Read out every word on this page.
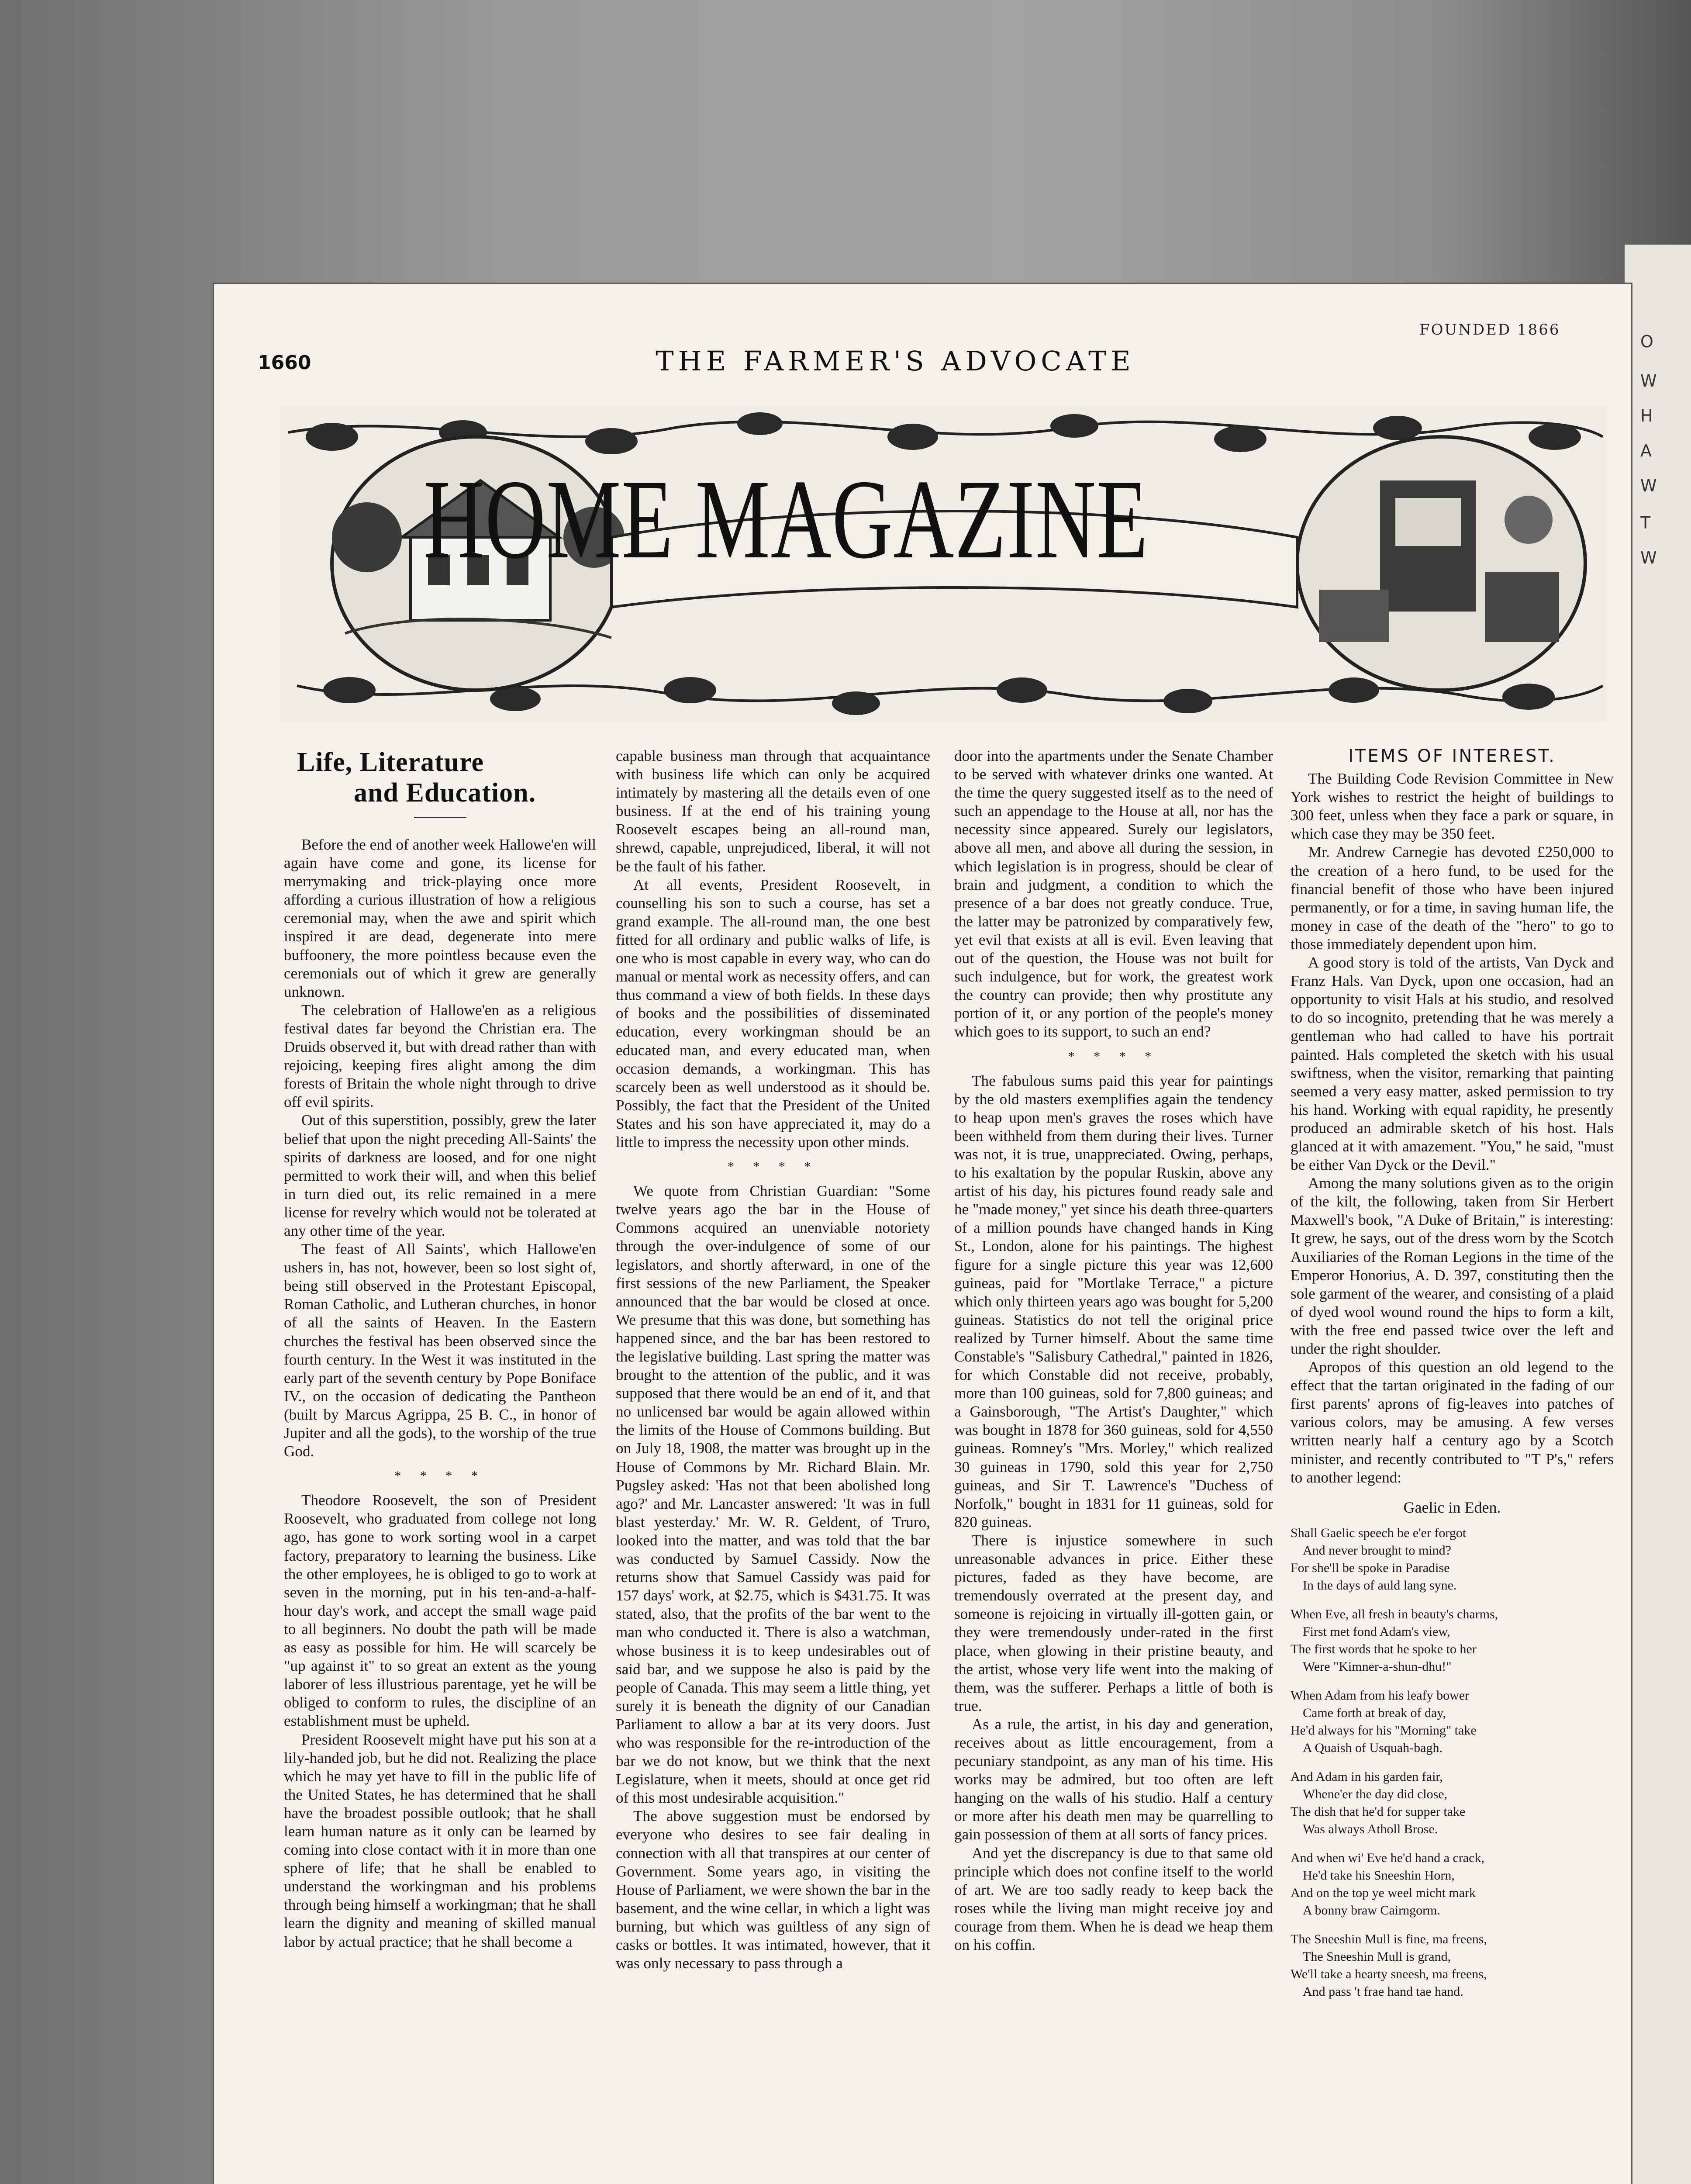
O
W
H
A
W
T
W
1660	THE FARMER'S ADVOCATE
FOUNDED 1866
HOME MAGAZINE
Life, Literature
and Education.

Before the end of another week Hallowe'en will again have come and gone, its license for merrymaking and trick-playing once more affording a curious illustration of how a religious ceremonial may, when the awe and spirit which inspired it are dead, degenerate into mere buffoonery, the more pointless because even the ceremonials out of which it grew are generally unknown.

The celebration of Hallowe'en as a religious festival dates far beyond the Christian era. The Druids observed it, but with dread rather than with rejoicing, keeping fires alight among the dim forests of Britain the whole night through to drive off evil spirits.

Out of this superstition, possibly, grew the later belief that upon the night preceding All-Saints' the spirits of darkness are loosed, and for one night permitted to work their will, and when this belief in turn died out, its relic remained in a mere license for revelry which would not be tolerated at any other time of the year.

The feast of All Saints', which Hallowe'en ushers in, has not, however, been so lost sight of, being still observed in the Protestant Episcopal, Roman Catholic, and Lutheran churches, in honor of all the saints of Heaven. In the Eastern churches the festival has been observed since the fourth century. In the West it was instituted in the early part of the seventh century by Pope Boniface IV., on the occasion of dedicating the Pantheon (built by Marcus Agrippa, 25 B. C., in honor of Jupiter and all the gods), to the worship of the true God.

* * * *

Theodore Roosevelt, the son of President Roosevelt, who graduated from college not long ago, has gone to work sorting wool in a carpet factory, preparatory to learning the business. Like the other employees, he is obliged to go to work at seven in the morning, put in his ten-and-a-half-hour day's work, and accept the small wage paid to all beginners. No doubt the path will be made as easy as possible for him. He will scarcely be "up against it" to so great an extent as the young laborer of less illustrious parentage, yet he will be obliged to conform to rules, the discipline of an establishment must be upheld.

President Roosevelt might have put his son at a lily-handed job, but he did not. Realizing the place which he may yet have to fill in the public life of the United States, he has determined that he shall have the broadest possible outlook; that he shall learn human nature as it only can be learned by coming into close contact with it in more than one sphere of life; that he shall be enabled to understand the workingman and his problems through being himself a workingman; that he shall learn the dignity and meaning of skilled manual labor by actual practice; that he shall become a

capable business man through that acquaintance with business life which can only be acquired intimately by mastering all the details even of one business. If at the end of his training young Roosevelt escapes being an all-round man, shrewd, capable, unprejudiced, liberal, it will not be the fault of his father.

At all events, President Roosevelt, in counselling his son to such a course, has set a grand example. The all-round man, the one best fitted for all ordinary and public walks of life, is one who is most capable in every way, who can do manual or mental work as necessity offers, and can thus command a view of both fields. In these days of books and the possibilities of disseminated education, every workingman should be an educated man, and every educated man, when occasion demands, a workingman. This has scarcely been as well understood as it should be. Possibly, the fact that the President of the United States and his son have appreciated it, may do a little to impress the necessity upon other minds.

* * * *

We quote from Christian Guardian: "Some twelve years ago the bar in the House of Commons acquired an unenviable notoriety through the over-indulgence of some of our legislators, and shortly afterward, in one of the first sessions of the new Parliament, the Speaker announced that the bar would be closed at once. We presume that this was done, but something has happened since, and the bar has been restored to the legislative building. Last spring the matter was brought to the attention of the public, and it was supposed that there would be an end of it, and that no unlicensed bar would be again allowed within the limits of the House of Commons building. But on July 18, 1908, the matter was brought up in the House of Commons by Mr. Richard Blain. Mr. Pugsley asked: 'Has not that been abolished long ago?' and Mr. Lancaster answered: 'It was in full blast yesterday.' Mr. W. R. Geldent, of Truro, looked into the matter, and was told that the bar was conducted by Samuel Cassidy. Now the returns show that Samuel Cassidy was paid for 157 days' work, at $2.75, which is $431.75. It was stated, also, that the profits of the bar went to the man who conducted it. There is also a watchman, whose business it is to keep undesirables out of said bar, and we suppose he also is paid by the people of Canada. This may seem a little thing, yet surely it is beneath the dignity of our Canadian Parliament to allow a bar at its very doors. Just who was responsible for the re-introduction of the bar we do not know, but we think that the next Legislature, when it meets, should at once get rid of this most undesirable acquisition."

The above suggestion must be endorsed by everyone who desires to see fair dealing in connection with all that transpires at our center of Government. Some years ago, in visiting the House of Parliament, we were shown the bar in the basement, and the wine cellar, in which a light was burning, but which was guiltless of any sign of casks or bottles. It was intimated, however, that it was only necessary to pass through a

door into the apartments under the Senate Chamber to be served with whatever drinks one wanted. At the time the query suggested itself as to the need of such an appendage to the House at all, nor has the necessity since appeared. Surely our legislators, above all men, and above all during the session, in which legislation is in progress, should be clear of brain and judgment, a condition to which the presence of a bar does not greatly conduce. True, the latter may be patronized by comparatively few, yet evil that exists at all is evil. Even leaving that out of the question, the House was not built for such indulgence, but for work, the greatest work the country can provide; then why prostitute any portion of it, or any portion of the people's money which goes to its support, to such an end?

* * * *

The fabulous sums paid this year for paintings by the old masters exemplifies again the tendency to heap upon men's graves the roses which have been withheld from them during their lives. Turner was not, it is true, unappreciated. Owing, perhaps, to his exaltation by the popular Ruskin, above any artist of his day, his pictures found ready sale and he "made money," yet since his death three-quarters of a million pounds have changed hands in King St., London, alone for his paintings. The highest figure for a single picture this year was 12,600 guineas, paid for "Mortlake Terrace," a picture which only thirteen years ago was bought for 5,200 guineas. Statistics do not tell the original price realized by Turner himself. About the same time Constable's "Salisbury Cathedral," painted in 1826, for which Constable did not receive, probably, more than 100 guineas, sold for 7,800 guineas; and a Gainsborough, "The Artist's Daughter," which was bought in 1878 for 360 guineas, sold for 4,550 guineas. Romney's "Mrs. Morley," which realized 30 guineas in 1790, sold this year for 2,750 guineas, and Sir T. Lawrence's "Duchess of Norfolk," bought in 1831 for 11 guineas, sold for 820 guineas.

There is injustice somewhere in such unreasonable advances in price. Either these pictures, faded as they have become, are tremendously overrated at the present day, and someone is rejoicing in virtually ill-gotten gain, or they were tremendously under-rated in the first place, when glowing in their pristine beauty, and the artist, whose very life went into the making of them, was the sufferer. Perhaps a little of both is true.

As a rule, the artist, in his day and generation, receives about as little encouragement, from a pecuniary standpoint, as any man of his time. His works may be admired, but too often are left hanging on the walls of his studio. Half a century or more after his death men may be quarrelling to gain possession of them at all sorts of fancy prices.

And yet the discrepancy is due to that same old principle which does not confine itself to the world of art. We are too sadly ready to keep back the roses while the living man might receive joy and courage from them. When he is dead we heap them on his coffin.

ITEMS OF INTEREST.

The Building Code Revision Committee in New York wishes to restrict the height of buildings to 300 feet, unless when they face a park or square, in which case they may be 350 feet.

Mr. Andrew Carnegie has devoted £250,000 to the creation of a hero fund, to be used for the financial benefit of those who have been injured permanently, or for a time, in saving human life, the money in case of the death of the "hero" to go to those immediately dependent upon him.

A good story is told of the artists, Van Dyck and Franz Hals. Van Dyck, upon one occasion, had an opportunity to visit Hals at his studio, and resolved to do so incognito, pretending that he was merely a gentleman who had called to have his portrait painted. Hals completed the sketch with his usual swiftness, when the visitor, remarking that painting seemed a very easy matter, asked permission to try his hand. Working with equal rapidity, he presently produced an admirable sketch of his host. Hals glanced at it with amazement. "You," he said, "must be either Van Dyck or the Devil."

Among the many solutions given as to the origin of the kilt, the following, taken from Sir Herbert Maxwell's book, "A Duke of Britain," is interesting: It grew, he says, out of the dress worn by the Scotch Auxiliaries of the Roman Legions in the time of the Emperor Honorius, A. D. 397, constituting then the sole garment of the wearer, and consisting of a plaid of dyed wool wound round the hips to form a kilt, with the free end passed twice over the left and under the right shoulder.

Apropos of this question an old legend to the effect that the tartan originated in the fading of our first parents' aprons of fig-leaves into patches of various colors, may be amusing. A few verses written nearly half a century ago by a Scotch minister, and recently contributed to "T P's," refers to another legend:

Gaelic in Eden.

Shall Gaelic speech be e'er forgot

And never brought to mind?

For she'll be spoke in Paradise

In the days of auld lang syne.

When Eve, all fresh in beauty's charms,

First met fond Adam's view,

The first words that he spoke to her

Were "Kimner-a-shun-dhu!"

When Adam from his leafy bower

Came forth at break of day,

He'd always for his "Morning" take

A Quaish of Usquah-bagh.

And Adam in his garden fair,

Whene'er the day did close,

The dish that he'd for supper take

Was always Atholl Brose.

And when wi' Eve he'd hand a crack,

He'd take his Sneeshin Horn,

And on the top ye weel micht mark

A bonny braw Cairngorm.

The Sneeshin Mull is fine, ma freens,

The Sneeshin Mull is grand,

We'll take a hearty sneesh, ma freens,

And pass 't frae hand tae hand.
